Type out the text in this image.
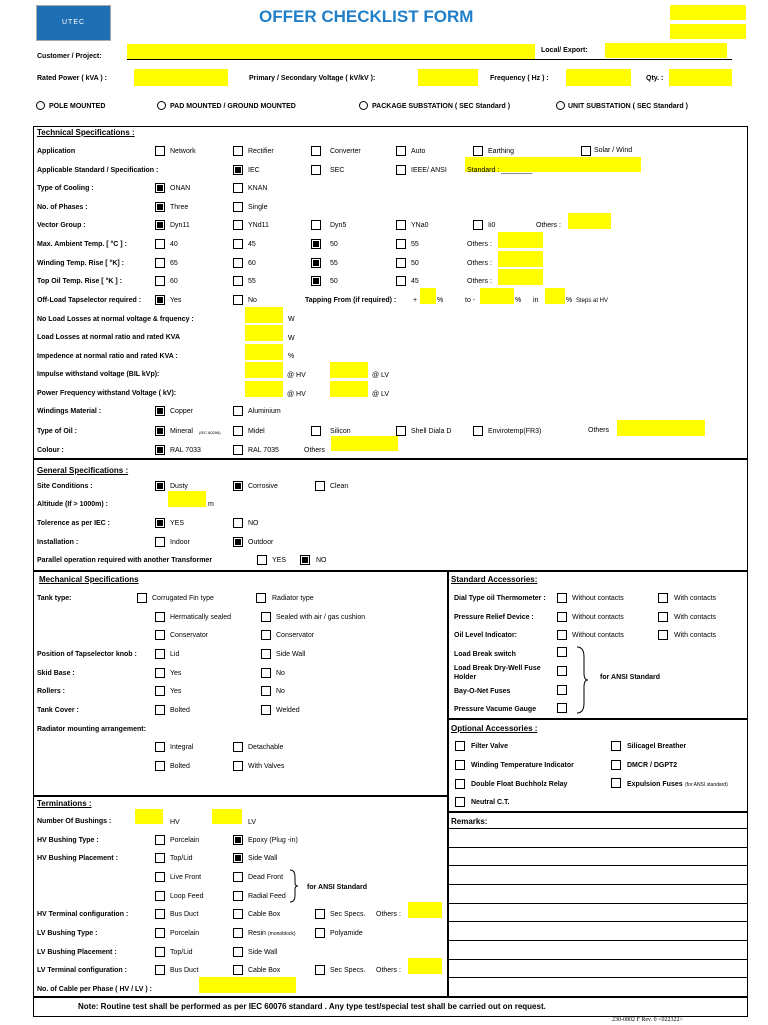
UTEC	OFFER CHECKLIST FORM
Customer / Project:
Local/ Export:
Rated Power ( kVA ) :	Primary / Secondary Voltage ( kV/kV ):	Frequency ( Hz ) :	Qty. :
POLE MOUNTED	PAD MOUNTED / GROUND MOUNTED	PACKAGE SUBSTATION ( SEC Standard )	UNIT SUBSTATION ( SEC Standard )
Technical Specifications :
Application	Network	Rectifier	Converter	Auto	Earthing	Solar / Wind
Applicable Standard / Specification :	IEC	SEC	IEEE/ ANSI	Standard : ________
Type of Cooling :	ONAN	KNAN
No. of Phases :	Three	Single
Vector Group :	Dyn11	YNd11	Dyn5	YNa0	Ii0	Others :
Max. Ambient Temp. [ °C ] :	40	45	50	55	Others :
Winding Temp. Rise [ °K] :	65	60	55	50	Others :
Top Oil Temp. Rise [ °K ] :	60	55	50	45	Others :
Off-Load Tapselector required :	Yes	No	Tapping From (if required) : +	%	to -	% in	% Steps at HV
No Load Losses at normal voltage & frquency :	W
Load Losses at normal ratio and rated KVA	W
Impedence at normal ratio and rated KVA :	%
Impulse withstand voltage (BIL kVp):	@ HV	@ LV
Power Frequency withstand Voltage ( kV):	@ HV	@ LV
Windings Material :	Copper	Aluminium
Type of Oil :	Mineral (IEC 60296)	Midel	Silicon	Shell Diala D	Envirotemp(FR3)	Others
Colour :	RAL 7033	RAL 7035	Others
General Specifications :
Site Conditions :	Dusty	Corrosive	Clean
Altitude (If > 1000m) :	m
Tolerence as per IEC :	YES	NO
Installation :	Indoor	Outdoor
Parallel operation required with another Transformer	YES	NO
Mechanical Specifications
Tank type:	Corrugated Fin type	Radiator type
Hermatically sealed	Sealed with air / gas cushion
Conservator	Conservator
Position of Tapselector knob :	Lid	Side Wall
Skid Base :	Yes	No
Rollers :	Yes	No
Tank Cover :	Bolted	Welded
Radiator mounting arrangement:
Integral	Detachable
Bolted	With Valves
Standard Accessories:
Dial Type oil Thermometer :	Without contacts	With contacts
Pressure Relief Device :	Without contacts	With contacts
Oil Level Indicator:	Without contacts	With contacts
Load Break switch
Load Break Dry-Well Fuse Holder
Bay-O-Net Fuses
Pressure Vacume Gauge
for ANSI Standard
Optional Accessories :
Filter Valve	Silicagel Breather
Winding Temperature Indicator	DMCR / DGPT2
Double Float Buchholz Relay	Expulsion Fuses (for ANSI standard)
Neutral C.T.
Terminations :
Number Of Bushings :	HV	LV
HV Bushing Type :	Porcelain	Epoxy (Plug -in)
HV Bushing Placement :	Top/Lid	Side Wall
Live Front	Dead Front
Loop Feed	Radial Feed
for ANSI Standard
HV Terminal configuration :	Bus Duct	Cable Box	Sec Specs. Others :
LV Bushing Type :	Porcelain	Resin (monoblock)	Polyamide
LV Bushing Placement :	Top/Lid	Side Wall
LV Terminal configuration :	Bus Duct	Cable Box	Sec Specs. Others :
No. of Cable per Phase ( HV / LV ) :
Remarks:
Note: Routine test shall be performed as per IEC 60076 standard . Any type test/special test shall be carried out on request.
230-0802 F Rev. 0 <022322>
